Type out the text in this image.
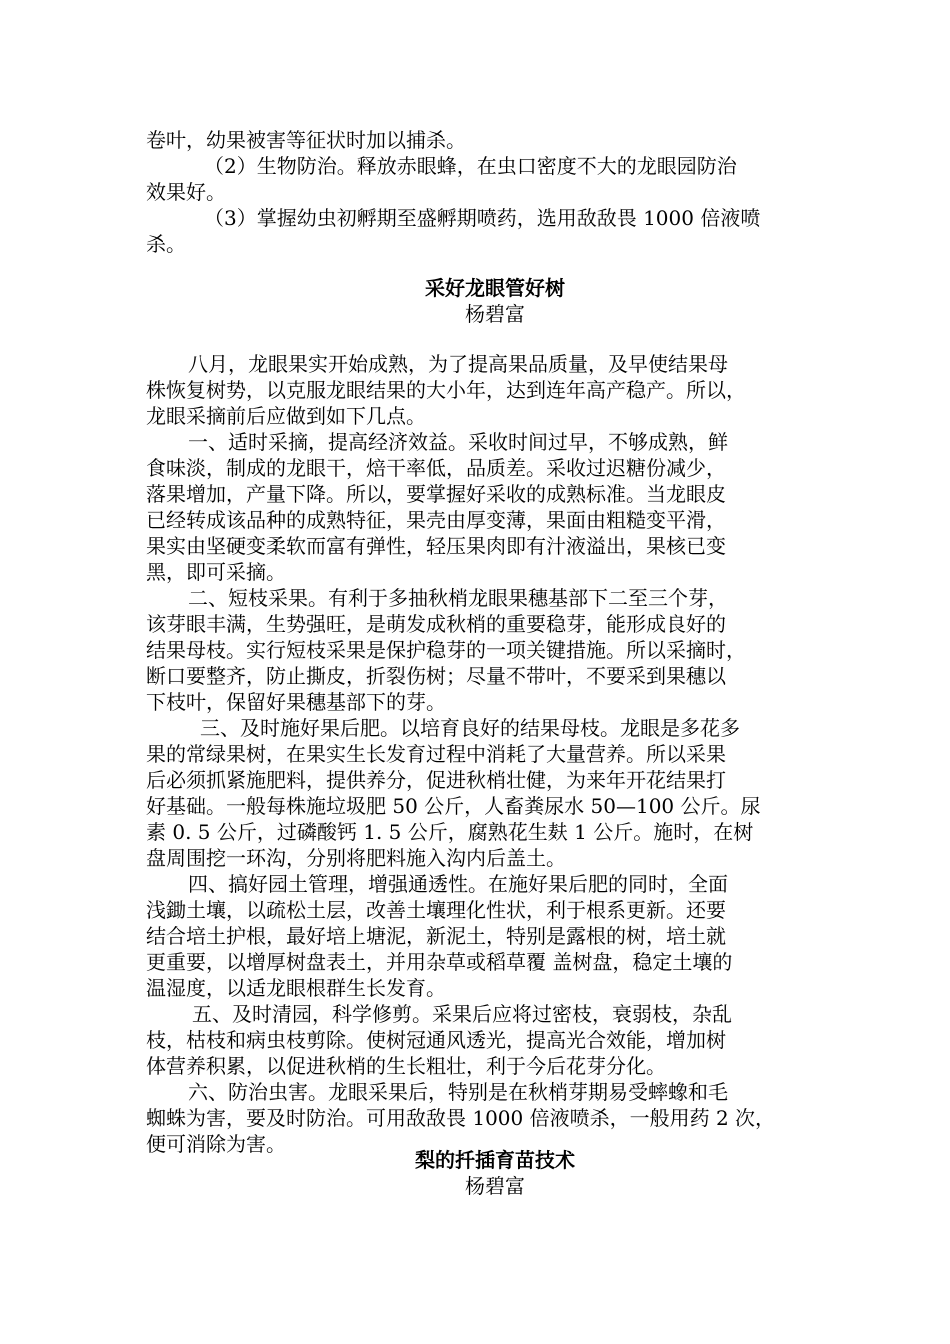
卷叶，幼果被害等征状时加以捕杀。
（2）生物防治。释放赤眼蜂，在虫口密度不大的龙眼园防治
效果好。
（3）掌握幼虫初孵期至盛孵期喷药，选用敌敌畏 1000 倍液喷
杀。
采好龙眼管好树
杨碧富
八月，龙眼果实开始成熟，为了提高果品质量，及早使结果母
株恢复树势，以克服龙眼结果的大小年，达到连年高产稳产。所以，
龙眼采摘前后应做到如下几点。
一、适时采摘，提高经济效益。采收时间过早，不够成熟，鲜
食味淡，制成的龙眼干，焙干率低，品质差。采收过迟糖份减少，
落果增加，产量下降。所以，要掌握好采收的成熟标准。当龙眼皮
已经转成该品种的成熟特征，果壳由厚变薄，果面由粗糙变平滑，
果实由坚硬变柔软而富有弹性，轻压果肉即有汁液溢出，果核已变
黑，即可采摘。
二、短枝采果。有利于多抽秋梢龙眼果穗基部下二至三个芽，
该芽眼丰满，生势强旺，是萌发成秋梢的重要稳芽，能形成良好的
结果母枝。实行短枝采果是保护稳芽的一项关键措施。所以采摘时，
断口要整齐，防止撕皮，折裂伤树；尽量不带叶，不要采到果穗以
下枝叶，保留好果穗基部下的芽。
三、及时施好果后肥。以培育良好的结果母枝。龙眼是多花多
果的常绿果树，在果实生长发育过程中消耗了大量营养。所以采果
后必须抓紧施肥料，提供养分，促进秋梢壮健，为来年开花结果打
好基础。一般每株施垃圾肥 50 公斤，人畜粪尿水 50—100 公斤。尿
素 0. 5 公斤，过磷酸钙 1. 5 公斤，腐熟花生麸 1 公斤。施时，在树
盘周围挖一环沟，分别将肥料施入沟内后盖土。
四、搞好园土管理，增强通透性。在施好果后肥的同时，全面
浅鋤土壤，以疏松土层，改善土壤理化性状，利于根系更新。还要
结合培土护根，最好培上塘泥，新泥土，特别是露根的树，培土就
更重要，以增厚树盘表土，并用杂草或稻草覆 盖树盘，稳定土壤的
温湿度，以适龙眼根群生长发育。
五、及时清园，科学修剪。采果后应将过密枝，衰弱枝，杂乱
枝，枯枝和病虫枝剪除。使树冠通风透光，提高光合效能，增加树
体营养积累，以促进秋梢的生长粗壮，利于今后花芽分化。
六、防治虫害。龙眼采果后，特别是在秋梢芽期易受蟀蟓和毛
蜘蛛为害，要及时防治。可用敌敌畏 1000 倍液喷杀，一般用药 2 次，
便可消除为害。
梨的扦插育苗技术
杨碧富
